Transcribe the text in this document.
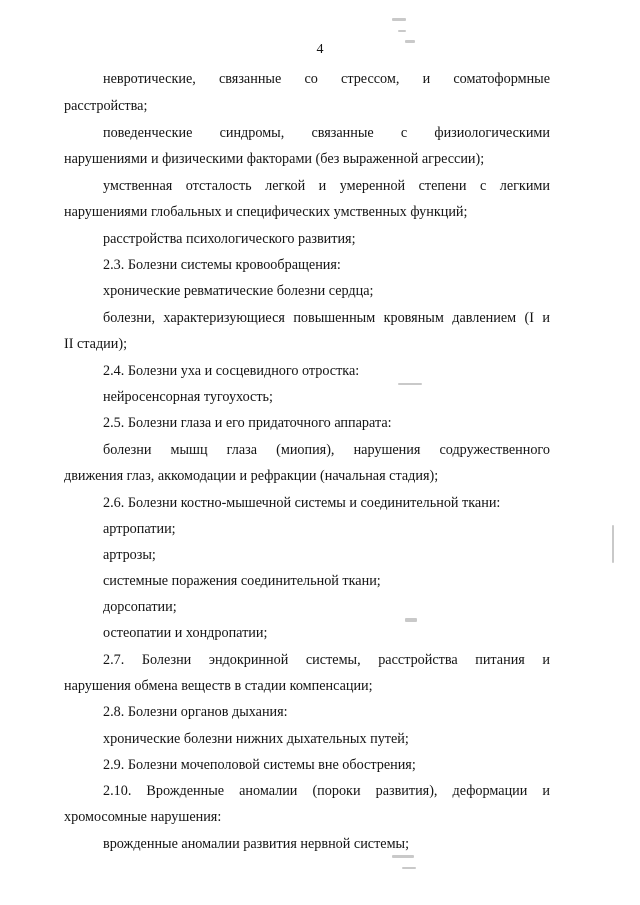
4
невротические, связанные со стрессом, и соматоформные
расстройства;
поведенческие синдромы, связанные с физиологическими
нарушениями и физическими факторами (без выраженной агрессии);
умственная отсталость легкой и умеренной степени с легкими
нарушениями глобальных и специфических умственных функций;
расстройства психологического развития;
2.3. Болезни системы кровообращения:
хронические ревматические болезни сердца;
болезни, характеризующиеся повышенным кровяным давлением (I и
II стадии);
2.4. Болезни уха и сосцевидного отростка:
нейросенсорная тугоухость;
2.5. Болезни глаза и его придаточного аппарата:
болезни мышц глаза (миопия), нарушения содружественного
движения глаз, аккомодации и рефракции (начальная стадия);
2.6. Болезни костно-мышечной системы и соединительной ткани:
артропатии;
артрозы;
системные поражения соединительной ткани;
дорсопатии;
остеопатии и хондропатии;
2.7. Болезни эндокринной системы, расстройства питания и
нарушения обмена веществ в стадии компенсации;
2.8. Болезни органов дыхания:
хронические болезни нижних дыхательных путей;
2.9. Болезни мочеполовой системы вне обострения;
2.10. Врожденные аномалии (пороки развития), деформации и
хромосомные нарушения:
врожденные аномалии развития нервной системы;
